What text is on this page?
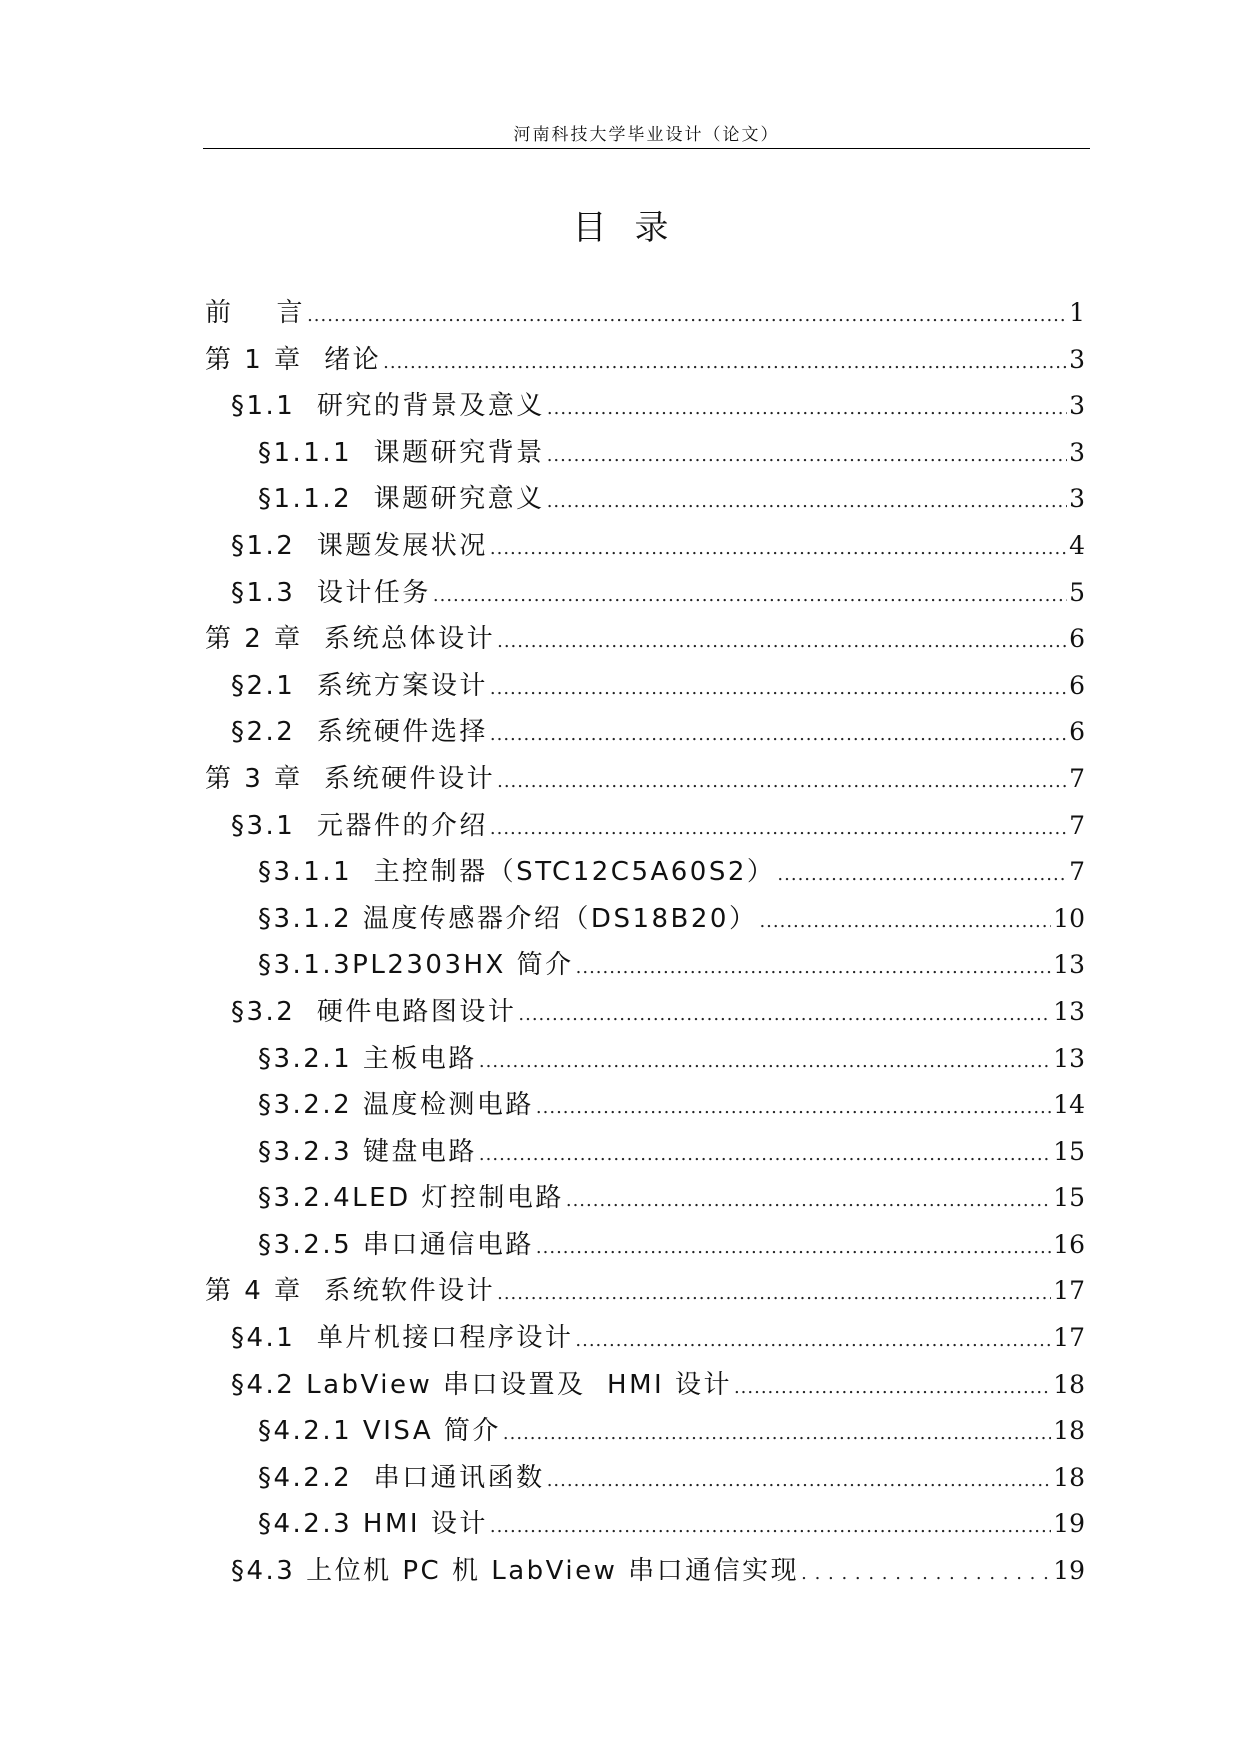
河南科技大学毕业设计（论文）
目录
前    言 .....	1
第 1 章  绪论 .....	3
§1.1  研究的背景及意义 .....	3
§1.1.1  课题研究背景 .....	3
§1.1.2  课题研究意义 .....	3
§1.2  课题发展状况 .....	4
§1.3  设计任务 .....	5
第 2 章  系统总体设计 .....	6
§2.1  系统方案设计 .....	6
§2.2  系统硬件选择 .....	6
第 3 章  系统硬件设计 .....	7
§3.1  元器件的介绍 .....	7
§3.1.1  主控制器（STC12C5A60S2） .....	7
§3.1.2 温度传感器介绍（DS18B20） .....	10
§3.1.3PL2303HX 简介 .....	13
§3.2  硬件电路图设计 .....	13
§3.2.1 主板电路 .....	13
§3.2.2 温度检测电路 .....	14
§3.2.3 键盘电路 .....	15
§3.2.4LED 灯控制电路 .....	15
§3.2.5 串口通信电路 .....	16
第 4 章  系统软件设计 .....	17
§4.1  单片机接口程序设计 .....	17
§4.2 LabView 串口设置及  HMI 设计 .....	18
§4.2.1 VISA 简介 .....	18
§4.2.2  串口通讯函数 .....	18
§4.2.3 HMI 设计 .....	19
§4.3 上位机 PC 机 LabView 串口通信实现 . . .	19
